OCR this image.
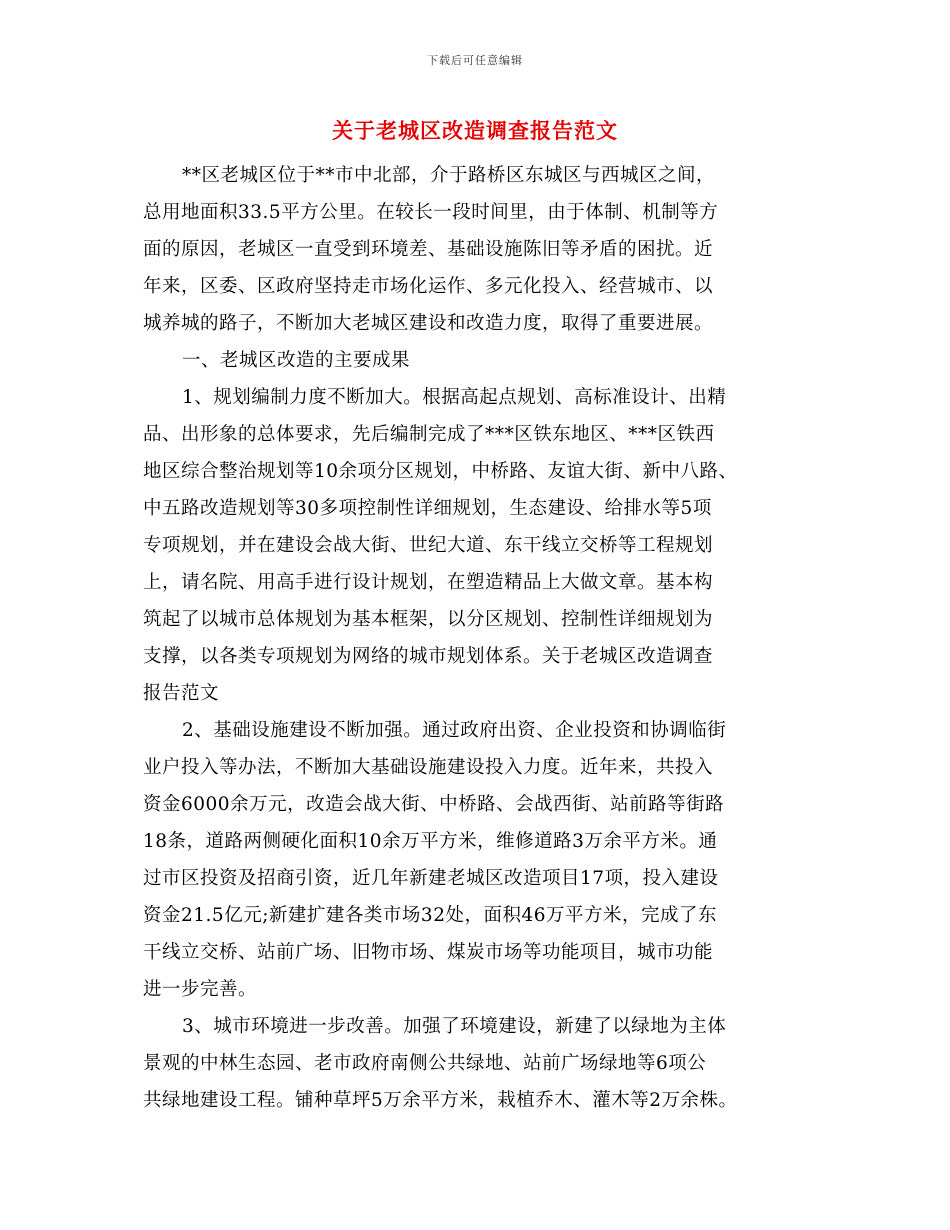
下载后可任意编辑
关于老城区改造调查报告范文
**区老城区位于**市中北部，介于路桥区东城区与西城区之间，
总用地面积33.5平方公里。在较长一段时间里，由于体制、机制等方
面的原因，老城区一直受到环境差、基础设施陈旧等矛盾的困扰。近
年来，区委、区政府坚持走市场化运作、多元化投入、经营城市、以
城养城的路子，不断加大老城区建设和改造力度，取得了重要进展。
一、老城区改造的主要成果
1、规划编制力度不断加大。根据高起点规划、高标准设计、出精
品、出形象的总体要求，先后编制完成了***区铁东地区、***区铁西
地区综合整治规划等10余项分区规划，中桥路、友谊大街、新中八路、
中五路改造规划等30多项控制性详细规划，生态建设、给排水等5项
专项规划，并在建设会战大街、世纪大道、东干线立交桥等工程规划
上，请名院、用高手进行设计规划，在塑造精品上大做文章。基本构
筑起了以城市总体规划为基本框架，以分区规划、控制性详细规划为
支撑，以各类专项规划为网络的城市规划体系。关于老城区改造调查
报告范文
2、基础设施建设不断加强。通过政府出资、企业投资和协调临街
业户投入等办法，不断加大基础设施建设投入力度。近年来，共投入
资金6000余万元，改造会战大街、中桥路、会战西街、站前路等街路
18条，道路两侧硬化面积10余万平方米，维修道路3万余平方米。通
过市区投资及招商引资，近几年新建老城区改造项目17项，投入建设
资金21.5亿元;新建扩建各类市场32处，面积46万平方米，完成了东
干线立交桥、站前广场、旧物市场、煤炭市场等功能项目，城市功能
进一步完善。
3、城市环境进一步改善。加强了环境建设，新建了以绿地为主体
景观的中林生态园、老市政府南侧公共绿地、站前广场绿地等6项公
共绿地建设工程。铺种草坪5万余平方米，栽植乔木、灌木等2万余株。
